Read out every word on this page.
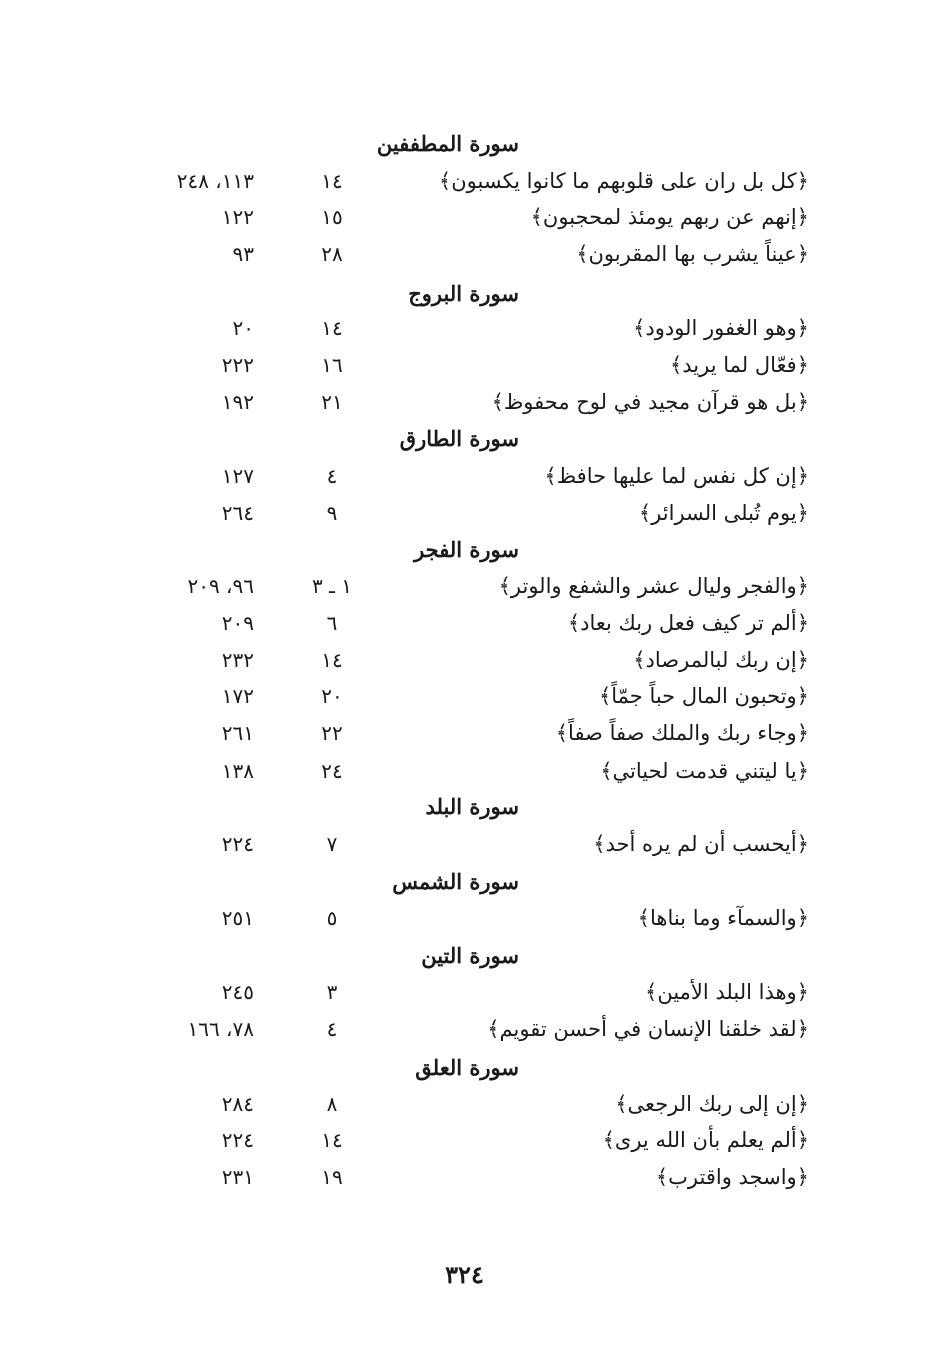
سورة المطففين
﴿كل بل ران على قلوبهم ما كانوا يكسبون﴾
١٤
١١٣، ٢٤٨
﴿إنهم عن ربهم يومئذ لمحجبون﴾
١٥
١٢٢
﴿عيناً يشرب بها المقربون﴾
٢٨
٩٣
سورة البروج
﴿وهو الغفور الودود﴾
١٤
٢٠
﴿فعّال لما يريد﴾
١٦
٢٢٢
﴿بل هو قرآن مجيد في لوح محفوظ﴾
٢١
١٩٢
سورة الطارق
﴿إن كل نفس لما عليها حافظ﴾
٤
١٢٧
﴿يوم تُبلى السرائر﴾
٩
٢٦٤
سورة الفجر
﴿والفجر وليال عشر والشفع والوتر﴾
١ ـ ٣
٩٦، ٢٠٩
﴿ألم تر كيف فعل ربك بعاد﴾
٦
٢٠٩
﴿إن ربك لبالمرصاد﴾
١٤
٢٣٢
﴿وتحبون المال حباً جمّاً﴾
٢٠
١٧٢
﴿وجاء ربك والملك صفاً صفاً﴾
٢٢
٢٦١
﴿يا ليتني قدمت لحياتي﴾
٢٤
١٣٨
سورة البلد
﴿أيحسب أن لم يره أحد﴾
٧
٢٢٤
سورة الشمس
﴿والسمآء وما بناها﴾
٥
٢٥١
سورة التين
﴿وهذا البلد الأمين﴾
٣
٢٤٥
﴿لقد خلقنا الإنسان في أحسن تقويم﴾
٤
٧٨، ١٦٦
سورة العلق
﴿إن إلى ربك الرجعى﴾
٨
٢٨٤
﴿ألم يعلم بأن الله يرى﴾
١٤
٢٢٤
﴿واسجد واقترب﴾
١٩
٢٣١
٣٢٤
